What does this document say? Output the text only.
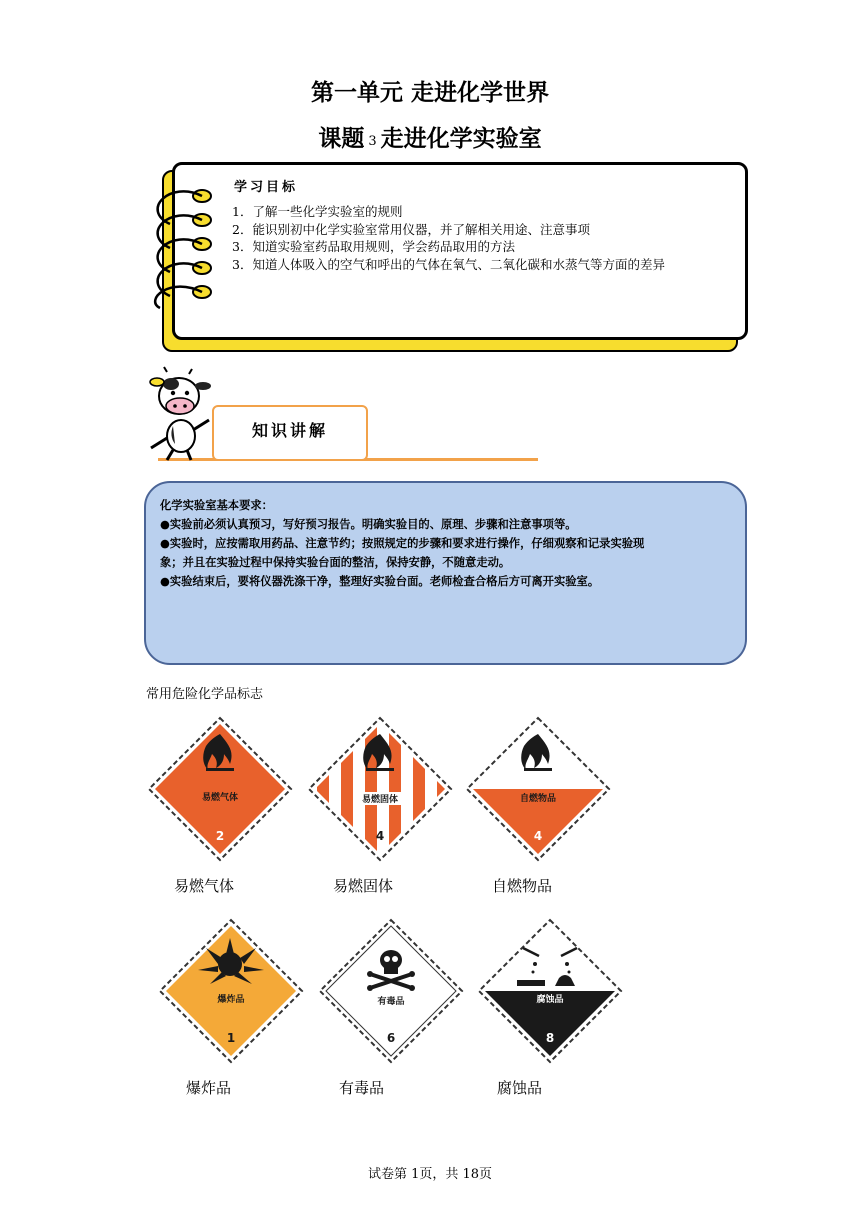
第一单元 走进化学世界
课题 3 走进化学实验室
学习目标
1．了解一些化学实验室的规则
2．能识别初中化学实验室常用仪器，并了解相关用途、注意事项
3．知道实验室药品取用规则，学会药品取用的方法
3．知道人体吸入的空气和呼出的气体在氧气、二氧化碳和水蒸气等方面的差异
知识讲解
化学实验室基本要求：
●实验前必须认真预习，写好预习报告。明确实验目的、原理、步骤和注意事项等。
●实验时，应按需取用药品、注意节约；按照规定的步骤和要求进行操作，仔细观察和记录实验现
象；并且在实验过程中保持实验台面的整洁，保持安静，不随意走动。
●实验结束后，要将仪器洗涤干净，整理好实验台面。老师检查合格后方可离开实验室。
常用危险化学品标志
易燃气体
2
易燃固体
4
自燃物品
4
易燃气体	易燃固体	自燃物品
爆炸品
1
有毒品
6
腐蚀品
8
爆炸品	有毒品	腐蚀品
试卷第 1页，共 18页
